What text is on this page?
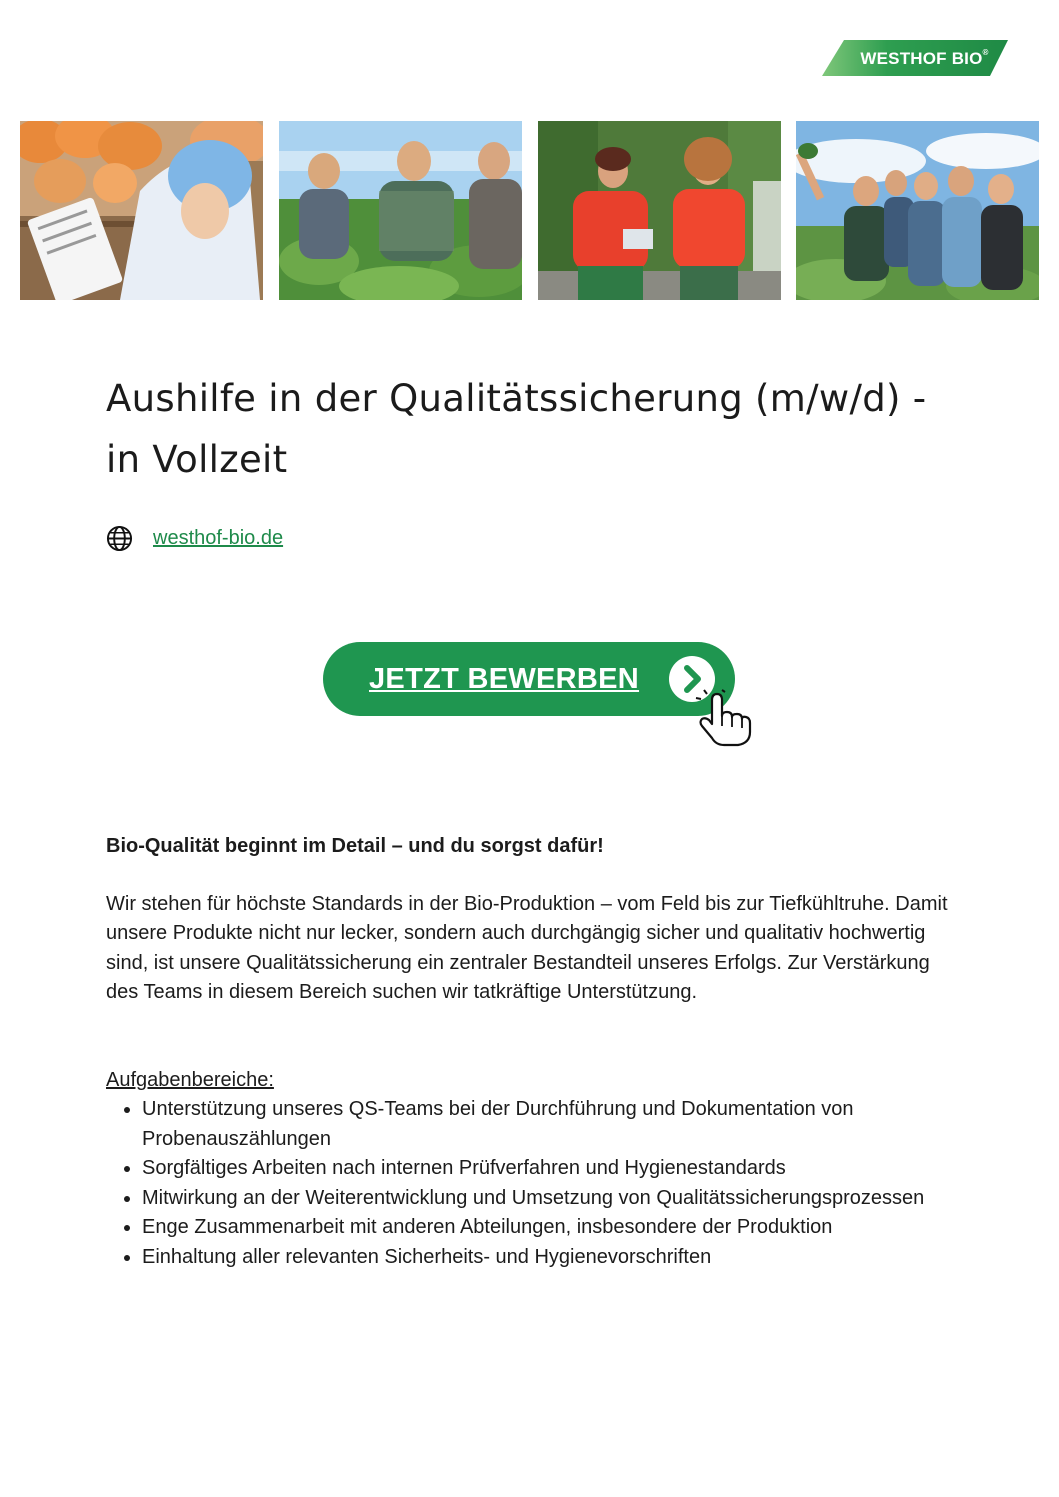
WESTHOF BIO®
Aushilfe in der Qualitätssicherung (m/w/d) - in Vollzeit
westhof-bio.de
JETZT BEWERBEN

Bio-Qualität beginnt im Detail – und du sorgst dafür!

Wir stehen für höchste Standards in der Bio-Produktion – vom Feld bis zur Tiefkühltruhe. Damit unsere Produkte nicht nur lecker, sondern auch durchgängig sicher und qualitativ hochwertig sind, ist unsere Qualitätssicherung ein zentraler Bestandteil unseres Erfolgs. Zur Verstärkung des Teams in diesem Bereich suchen wir tatkräftige Unterstützung.

Aufgabenbereiche:

• Unterstützung unseres QS-Teams bei der Durchführung und Dokumentation von Probenauszählungen
• Sorgfältiges Arbeiten nach internen Prüfverfahren und Hygienestandards
• Mitwirkung an der Weiterentwicklung und Umsetzung von Qualitätssicherungsprozessen
• Enge Zusammenarbeit mit anderen Abteilungen, insbesondere der Produktion
• Einhaltung aller relevanten Sicherheits- und Hygienevorschriften
